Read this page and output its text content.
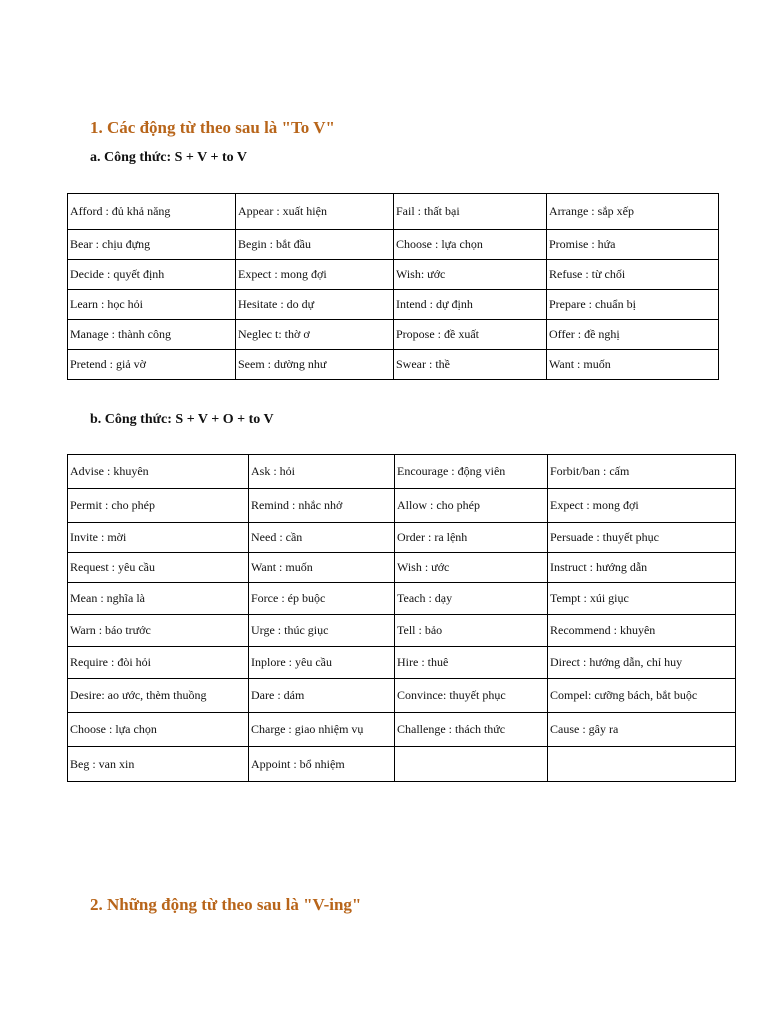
1. Các động từ theo sau là "To V"
a. Công thức: S + V + to V
Afford : đủ khả năng	Appear : xuất hiện	Fail : thất bại	Arrange : sắp xếp
Bear : chịu đựng	Begin : bắt đầu	Choose : lựa chọn	Promise : hứa
Decide : quyết định	Expect : mong đợi	Wish: ước	Refuse : từ chối
Learn : học hỏi	Hesitate : do dự	Intend : dự định	Prepare : chuẩn bị
Manage : thành công	Neglec t: thờ ơ	Propose : đề xuất	Offer : đề nghị
Pretend : giả vờ	Seem : dường như	Swear : thề	Want : muốn
b. Công thức: S + V + O + to V
Advise : khuyên	Ask : hỏi	Encourage : động viên	Forbit/ban : cấm
Permit : cho phép	Remind : nhắc nhở	Allow : cho phép	Expect : mong đợi
Invite : mời	Need : cần	Order : ra lệnh	Persuade : thuyết phục
Request : yêu cầu	Want : muốn	Wish : ước	Instruct : hướng dẫn
Mean : nghĩa là	Force : ép buộc	Teach : dạy	Tempt : xúi giục
Warn : báo trước	Urge : thúc giục	Tell : bảo	Recommend : khuyên
Require : đòi hỏi	Inplore : yêu cầu	Hire : thuê	Direct : hướng dẫn, chỉ huy
Desire: ao ước, thèm thuồng	Dare : dám	Convince: thuyết phục	Compel: cưỡng bách, bắt buộc
Choose : lựa chọn	Charge : giao nhiệm vụ	Challenge : thách thức	Cause : gây ra
Beg : van xin	Appoint : bổ nhiệm		
2. Những động từ theo sau là "V-ing"
